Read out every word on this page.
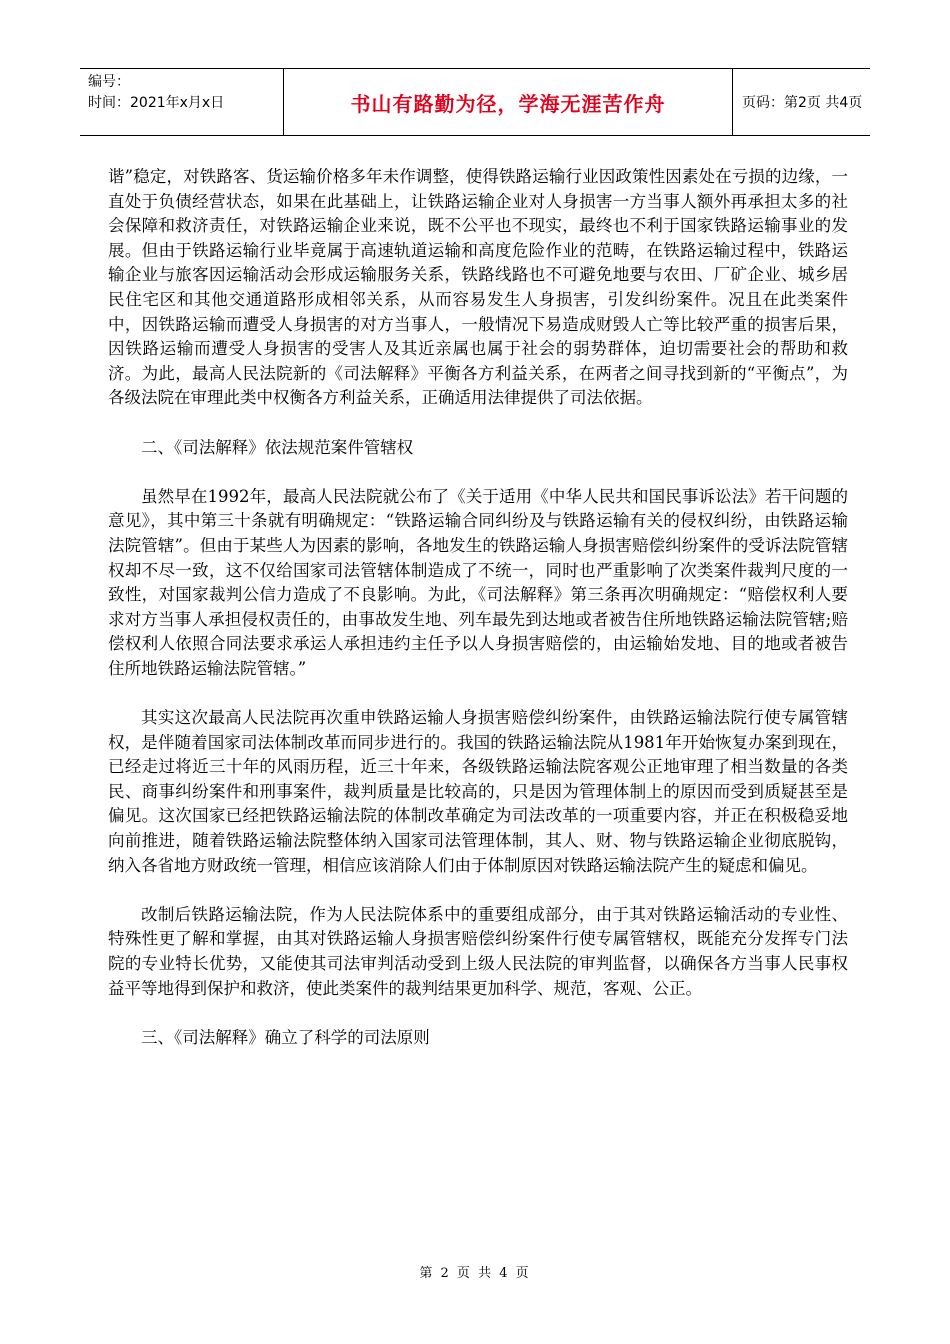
编号：
时间：2021年x月x日	书山有路勤为径，学海无涯苦作舟	页码：第2页 共4页

谐”稳定，对铁路客、货运输价格多年未作调整，使得铁路运输行业因政策性因素处在亏损的边缘，一直处于负债经营状态，如果在此基础上，让铁路运输企业对人身损害一方当事人额外再承担太多的社会保障和救济责任，对铁路运输企业来说，既不公平也不现实，最终也不利于国家铁路运输事业的发展。但由于铁路运输行业毕竟属于高速轨道运输和高度危险作业的范畴，在铁路运输过程中，铁路运输企业与旅客因运输活动会形成运输服务关系，铁路线路也不可避免地要与农田、厂矿企业、城乡居民住宅区和其他交通道路形成相邻关系，从而容易发生人身损害，引发纠纷案件。况且在此类案件中，因铁路运输而遭受人身损害的对方当事人，一般情况下易造成财毁人亡等比较严重的损害后果，因铁路运输而遭受人身损害的受害人及其近亲属也属于社会的弱势群体，迫切需要社会的帮助和救济。为此，最高人民法院新的《司法解释》平衡各方利益关系，在两者之间寻找到新的“平衡点”，为各级法院在审理此类中权衡各方利益关系，正确适用法律提供了司法依据。

二、《司法解释》依法规范案件管辖权

虽然早在1992年，最高人民法院就公布了《关于适用《中华人民共和国民事诉讼法》若干问题的意见》，其中第三十条就有明确规定：“铁路运输合同纠纷及与铁路运输有关的侵权纠纷，由铁路运输法院管辖”。但由于某些人为因素的影响，各地发生的铁路运输人身损害赔偿纠纷案件的受诉法院管辖权却不尽一致，这不仅给国家司法管辖体制造成了不统一，同时也严重影响了次类案件裁判尺度的一致性，对国家裁判公信力造成了不良影响。为此，《司法解释》第三条再次明确规定：“赔偿权利人要求对方当事人承担侵权责任的，由事故发生地、列车最先到达地或者被告住所地铁路运输法院管辖;赔偿权利人依照合同法要求承运人承担违约主任予以人身损害赔偿的，由运输始发地、目的地或者被告住所地铁路运输法院管辖。”

其实这次最高人民法院再次重申铁路运输人身损害赔偿纠纷案件，由铁路运输法院行使专属管辖权，是伴随着国家司法体制改革而同步进行的。我国的铁路运输法院从1981年开始恢复办案到现在，已经走过将近三十年的风雨历程，近三十年来，各级铁路运输法院客观公正地审理了相当数量的各类民、商事纠纷案件和刑事案件，裁判质量是比较高的，只是因为管理体制上的原因而受到质疑甚至是偏见。这次国家已经把铁路运输法院的体制改革确定为司法改革的一项重要内容，并正在积极稳妥地向前推进，随着铁路运输法院整体纳入国家司法管理体制，其人、财、物与铁路运输企业彻底脱钩，纳入各省地方财政统一管理，相信应该消除人们由于体制原因对铁路运输法院产生的疑虑和偏见。

改制后铁路运输法院，作为人民法院体系中的重要组成部分，由于其对铁路运输活动的专业性、特殊性更了解和掌握，由其对铁路运输人身损害赔偿纠纷案件行使专属管辖权，既能充分发挥专门法院的专业特长优势，又能使其司法审判活动受到上级人民法院的审判监督，以确保各方当事人民事权益平等地得到保护和救济，使此类案件的裁判结果更加科学、规范，客观、公正。

三、《司法解释》确立了科学的司法原则

第 2 页 共 4 页
